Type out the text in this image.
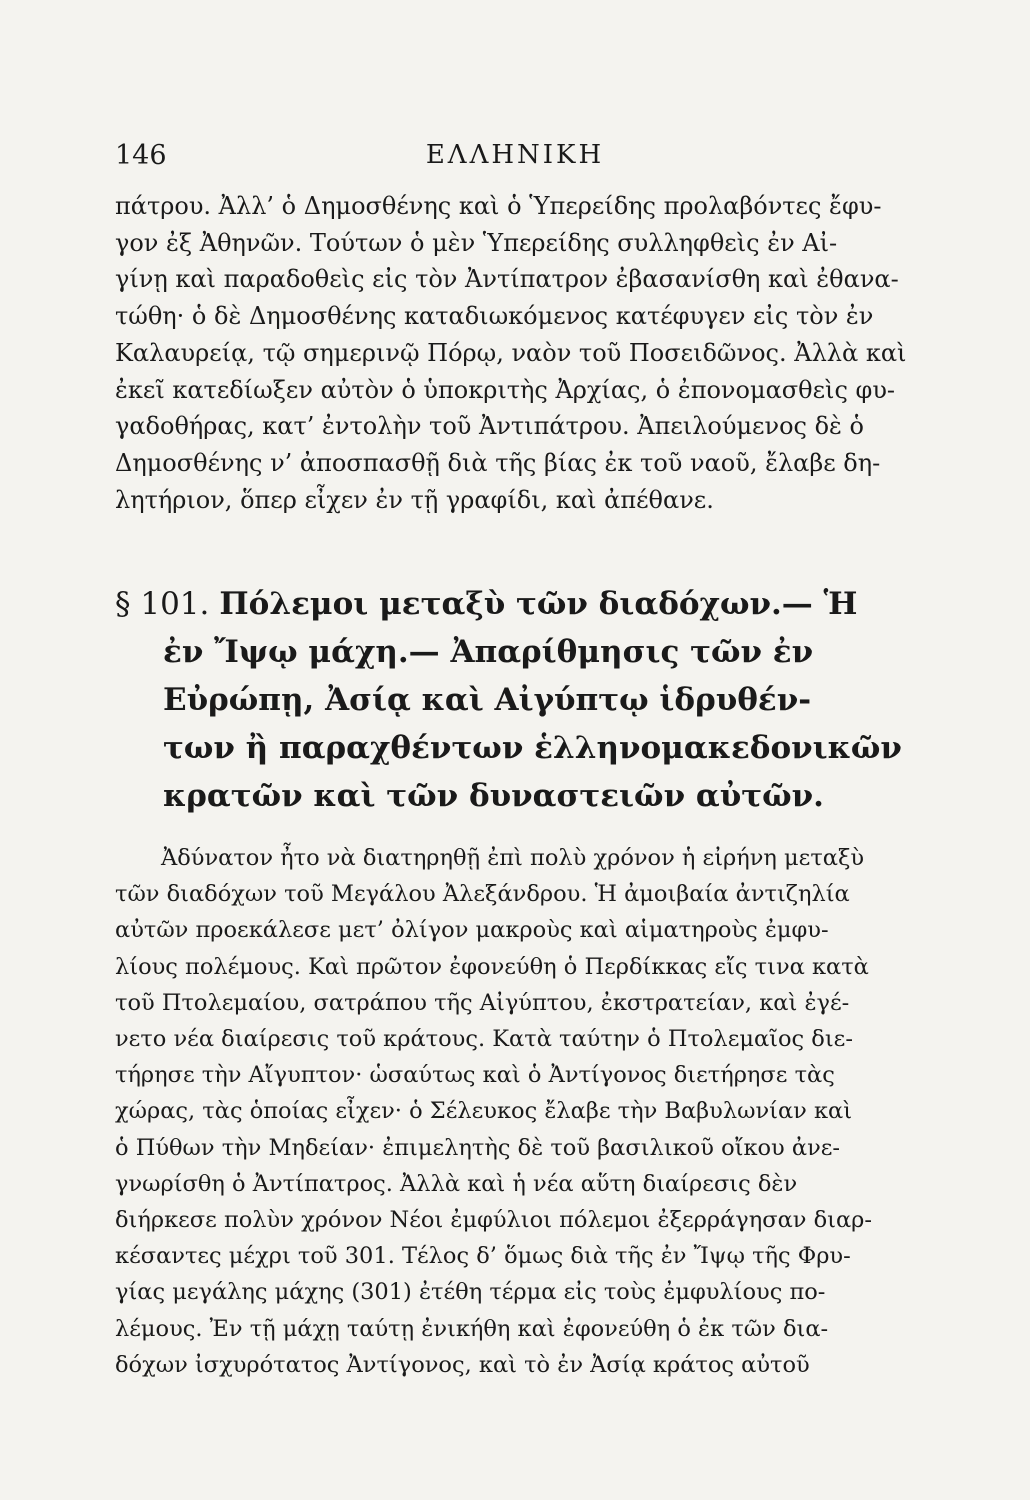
146	ΕΛΛΗΝΙΚΗ
πάτρου. Ἀλλ’ ὁ Δημοσθένης καὶ ὁ Ὑπερείδης προλαβόντες ἔφυ-
γον ἐξ Ἀθηνῶν. Τούτων ὁ μὲν Ὑπερείδης συλληφθεὶς ἐν Αἰ-
γίνῃ καὶ παραδοθεὶς εἰς τὸν Ἀντίπατρον ἐβασανίσθη καὶ ἐθανα-
τώθη· ὁ δὲ Δημοσθένης καταδιωκόμενος κατέφυγεν εἰς τὸν ἐν
Καλαυρείᾳ, τῷ σημερινῷ Πόρῳ, ναὸν τοῦ Ποσειδῶνος. Ἀλλὰ καὶ
ἐκεῖ κατεδίωξεν αὐτὸν ὁ ὑποκριτὴς Ἀρχίας, ὁ ἐπονομασθεὶς φυ-
γαδοθήρας, κατ’ ἐντολὴν τοῦ Ἀντιπάτρου. Ἀπειλούμενος δὲ ὁ
Δημοσθένης ν’ ἀποσπασθῇ διὰ τῆς βίας ἐκ τοῦ ναοῦ, ἔλαβε δη-
λητήριον, ὅπερ εἶχεν ἐν τῇ γραφίδι, καὶ ἀπέθανε.
§ 101. Πόλεμοι μεταξὺ τῶν διαδόχων.— Ἡ
ἐν Ἴψῳ μάχη.— Ἀπαρίθμησις τῶν ἐν
Εὐρώπῃ, Ἀσίᾳ καὶ Αἰγύπτῳ ἱδρυθέν-
των ἢ παραχθέντων ἑλληνομακεδονικῶν
κρατῶν καὶ τῶν δυναστειῶν αὐτῶν.
Ἀδύνατον ἦτο νὰ διατηρηθῇ ἐπὶ πολὺ χρόνον ἡ εἰρήνη μεταξὺ
τῶν διαδόχων τοῦ Μεγάλου Ἀλεξάνδρου. Ἡ ἀμοιβαία ἀντιζηλία
αὐτῶν προεκάλεσε μετ’ ὀλίγον μακροὺς καὶ αἱματηροὺς ἐμφυ-
λίους πολέμους. Καὶ πρῶτον ἐφονεύθη ὁ Περδίκκας εἴς τινα κατὰ
τοῦ Πτολεμαίου, σατράπου τῆς Αἰγύπτου, ἐκστρατείαν, καὶ ἐγέ-
νετο νέα διαίρεσις τοῦ κράτους. Κατὰ ταύτην ὁ Πτολεμαῖος διε-
τήρησε τὴν Αἴγυπτον· ὡσαύτως καὶ ὁ Ἀντίγονος διετήρησε τὰς
χώρας, τὰς ὁποίας εἶχεν· ὁ Σέλευκος ἔλαβε τὴν Βαβυλωνίαν καὶ
ὁ Πύθων τὴν Μηδείαν· ἐπιμελητὴς δὲ τοῦ βασιλικοῦ οἴκου ἀνε-
γνωρίσθη ὁ Ἀντίπατρος. Ἀλλὰ καὶ ἡ νέα αὕτη διαίρεσις δὲν
διήρκεσε πολὺν χρόνον Νέοι ἐμφύλιοι πόλεμοι ἐξερράγησαν διαρ-
κέσαντες μέχρι τοῦ 301. Τέλος δ’ ὅμως διὰ τῆς ἐν Ἴψῳ τῆς Φρυ-
γίας μεγάλης μάχης (301) ἐτέθη τέρμα εἰς τοὺς ἐμφυλίους πο-
λέμους. Ἐν τῇ μάχῃ ταύτῃ ἐνικήθη καὶ ἐφονεύθη ὁ ἐκ τῶν δια-
δόχων ἰσχυρότατος Ἀντίγονος, καὶ τὸ ἐν Ἀσίᾳ κράτος αὐτοῦ
